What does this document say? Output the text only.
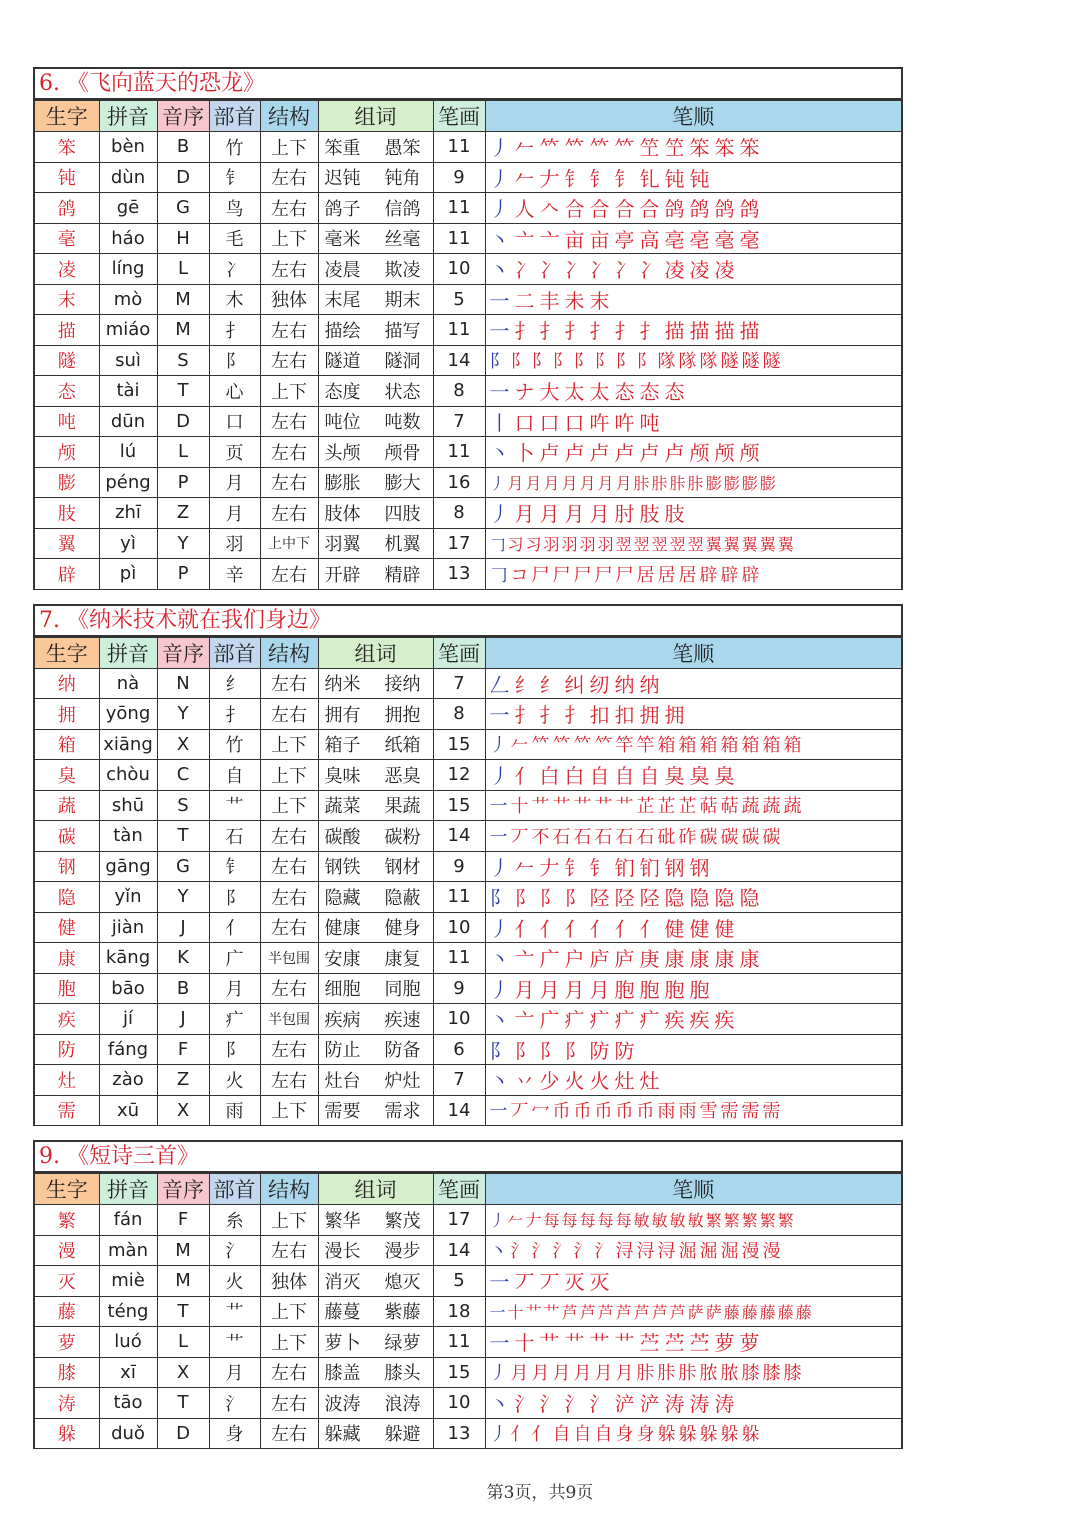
6. 《飞向蓝天的恐龙》
生字	拼音	音序	部首	结构	组词	笔画	笔顺
笨	bèn	B	竹	上下	笨重 愚笨	11	丿 𠂉 𥫗 𥫗 𥫗 𥫗 笁 笁 笨 笨 笨
钝	dùn	D	钅	左右	迟钝 钝角	9	丿 𠂉 𠂇 钅 钅 钅 钆 钝 钝
鸽	gē	G	鸟	左右	鸽子 信鸽	11	丿 人 𠆢 合 合 合 合 鸽 鸽 鸽 鸽
毫	háo	H	毛	上下	毫米 丝毫	11	丶 亠 亠 亩 亩 亭 高 亳 亳 毫 毫
凌	líng	L	冫	左右	凌晨 欺凌	10	丶 冫 冫 冫 冫 冫 冫 凌 凌 凌
末	mò	M	木	独体	末尾 期末	5	一 二 丰 未 末
描	miáo	M	扌	左右	描绘 描写	11	一 扌 扌 扌 扌 扌 扌 描 描 描 描
隧	suì	S	阝	左右	隧道 隧洞	14	阝 阝 阝 阝 阝 阝 阝 阝 隊 隊 隊 隧 隧 隧
态	tài	T	心	上下	态度 状态	8	一 ナ 大 太 太 态 态 态
吨	dūn	D	口	左右	吨位 吨数	7	丨 口 口 口 吘 吘 吨
颅	lú	L	页	左右	头颅 颅骨	11	丶 卜 卢 卢 卢 卢 卢 卢 颅 颅 颅
膨	péng	P	月	左右	膨胀 膨大	16	丿 月 月 月 月 月 月 月 胩 胩 胩 胩 膨 膨 膨 膨
肢	zhī	Z	月	左右	肢体 四肢	8	丿 月 月 月 月 肘 肢 肢
翼	yì	Y	羽	上中下	羽翼 机翼	17	𠃌 习 习 羽 羽 羽 羽 翌 翌 翌 翌 翌 翼 翼 翼 翼 翼
辟	pì	P	辛	左右	开辟 精辟	13	𠃌 コ 尸 尸 尸 尸 尸 居 居 居 辟 辟 辟
7. 《纳米技术就在我们身边》
生字	拼音	音序	部首	结构	组词	笔画	笔顺
纳	nà	N	纟	左右	纳米 接纳	7	𠃋 纟 纟 纠 纫 纳 纳
拥	yōng	Y	扌	左右	拥有 拥抱	8	一 扌 扌 扌 扣 扣 拥 拥
箱	xiāng	X	竹	上下	箱子 纸箱	15	丿 𠂉 𥫗 𥫗 𥫗 𥫗 竿 竿 箱 箱 箱 箱 箱 箱 箱
臭	chòu	C	自	上下	臭味 恶臭	12	丿 亻 白 白 自 自 自 臭 臭 臭
蔬	shū	S	艹	上下	蔬菜 果蔬	15	一 十 艹 艹 艹 艹 艹 芷 芷 芷 萜 萜 蔬 蔬 蔬
碳	tàn	T	石	左右	碳酸 碳粉	14	一 丆 不 石 石 石 石 石 砒 砟 碳 碳 碳 碳
钢	gāng	G	钅	左右	钢铁 钢材	9	丿 𠂉 𠂇 钅 钅 钔 钔 钢 钢
隐	yǐn	Y	阝	左右	隐藏 隐蔽	11	阝 阝 阝 阝 陉 陉 陉 隐 隐 隐 隐
健	jiàn	J	亻	左右	健康 健身	10	丿 亻 亻 亻 亻 亻 亻 健 健 健
康	kāng	K	广	半包围	安康 康复	11	丶 亠 广 户 庐 庐 庚 康 康 康 康
胞	bāo	B	月	左右	细胞 同胞	9	丿 月 月 月 月 胞 胞 胞 胞
疾	jí	J	疒	半包围	疾病 疾速	10	丶 亠 广 疒 疒 疒 疒 疾 疾 疾
防	fáng	F	阝	左右	防止 防备	6	阝 阝 阝 阝 防 防
灶	zào	Z	火	左右	灶台 炉灶	7	丶 丷 少 火 火 灶 灶
需	xū	X	雨	上下	需要 需求	14	一 丆 冖 币 币 币 币 币 雨 雨 雪 需 需 需
9. 《短诗三首》
生字	拼音	音序	部首	结构	组词	笔画	笔顺
繁	fán	F	糸	上下	繁华 繁茂	17	丿 𠂉 𠂇 每 每 每 每 每 敏 敏 敏 敏 繁 繁 繁 繁 繁
漫	màn	M	氵	左右	漫长 漫步	14	丶 氵 氵 氵 氵 氵 浔 浔 浔 淈 淈 淈 漫 漫
灭	miè	M	火	独体	消灭 熄灭	5	一 丆 丆 灭 灭
藤	téng	T	艹	上下	藤蔓 紫藤	18	一 十 艹 艹 芦 芦 芦 芦 芦 芦 芦 萨 萨 藤 藤 藤 藤 藤
萝	luó	L	艹	上下	萝卜 绿萝	11	一 十 艹 艹 艹 艹 苎 苎 苎 萝 萝
膝	xī	X	月	左右	膝盖 膝头	15	丿 月 月 月 月 月 月 胩 胩 胩 脓 脓 膝 膝 膝
涛	tāo	T	氵	左右	波涛 浪涛	10	丶 氵 氵 氵 氵 浐 浐 涛 涛 涛
躲	duǒ	D	身	左右	躲藏 躲避	13	丿 亻 亻 自 自 自 身 身 躲 躲 躲 躲 躲
第3页，共9页
